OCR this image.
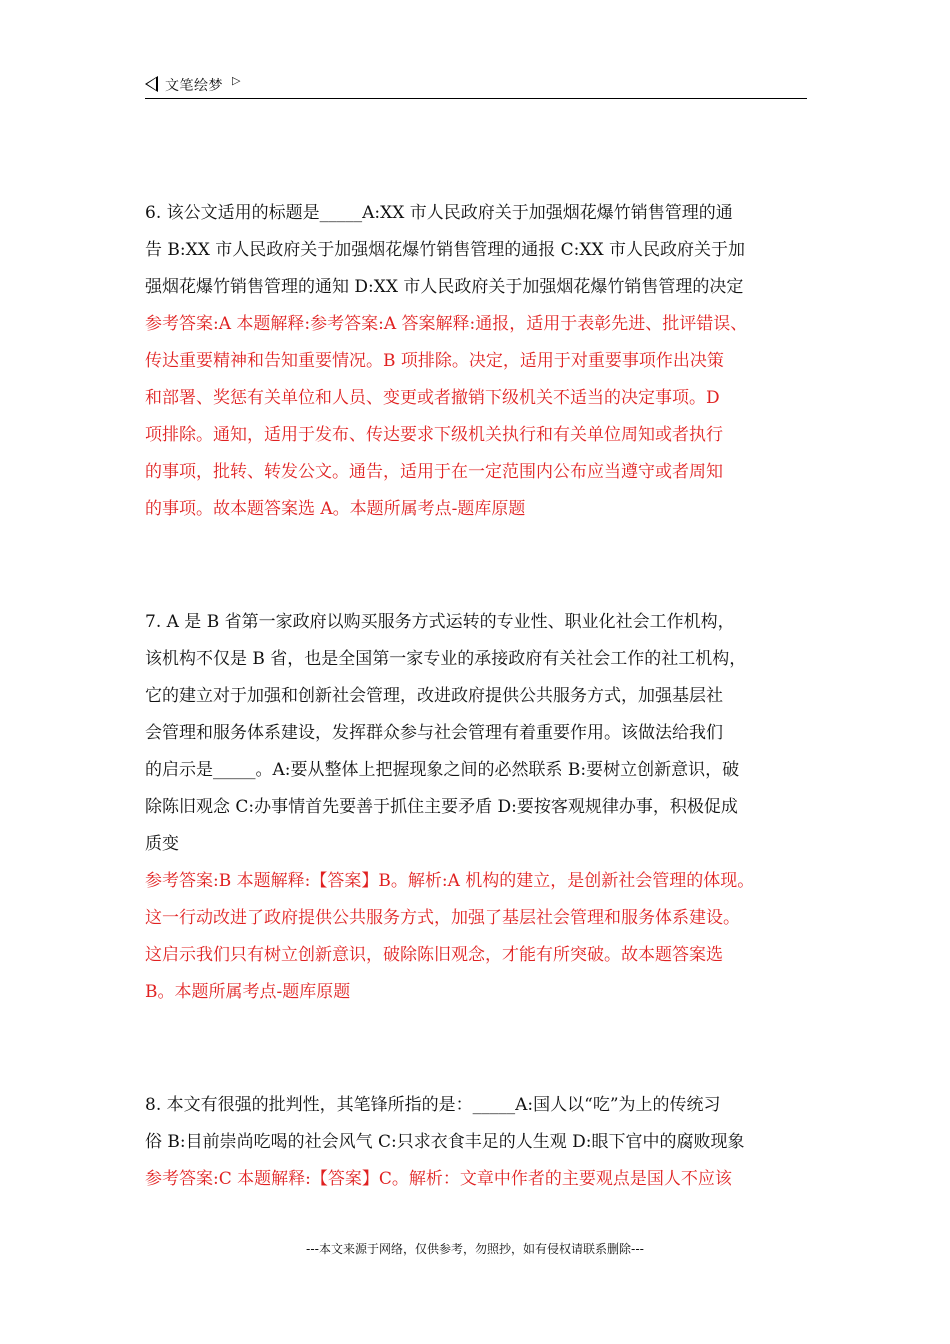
文笔绘梦 ▷

6. 该公文适用的标题是_____A:XX 市人民政府关于加强烟花爆竹销售管理的通
告 B:XX 市人民政府关于加强烟花爆竹销售管理的通报 C:XX 市人民政府关于加
强烟花爆竹销售管理的通知 D:XX 市人民政府关于加强烟花爆竹销售管理的决定

参考答案:A 本题解释:参考答案:A 答案解释:通报，适用于表彰先进、批评错误、
传达重要精神和告知重要情况。B 项排除。决定，适用于对重要事项作出决策
和部署、奖惩有关单位和人员、变更或者撤销下级机关不适当的决定事项。D
项排除。通知，适用于发布、传达要求下级机关执行和有关单位周知或者执行
的事项，批转、转发公文。通告，适用于在一定范围内公布应当遵守或者周知
的事项。故本题答案选 A。本题所属考点-题库原题

7. A 是 B 省第一家政府以购买服务方式运转的专业性、职业化社会工作机构，
该机构不仅是 B 省，也是全国第一家专业的承接政府有关社会工作的社工机构，
它的建立对于加强和创新社会管理，改进政府提供公共服务方式，加强基层社
会管理和服务体系建设，发挥群众参与社会管理有着重要作用。该做法给我们
的启示是_____。A:要从整体上把握现象之间的必然联系 B:要树立创新意识，破
除陈旧观念 C:办事情首先要善于抓住主要矛盾 D:要按客观规律办事，积极促成
质变

参考答案:B 本题解释:【答案】B。解析:A 机构的建立，是创新社会管理的体现。
这一行动改进了政府提供公共服务方式，加强了基层社会管理和服务体系建设。
这启示我们只有树立创新意识，破除陈旧观念，才能有所突破。故本题答案选
B。本题所属考点-题库原题

8. 本文有很强的批判性，其笔锋所指的是：_____A:国人以“吃”为上的传统习
俗 B:目前崇尚吃喝的社会风气 C:只求衣食丰足的人生观 D:眼下官中的腐败现象

参考答案:C 本题解释:【答案】C。解析：文章中作者的主要观点是国人不应该

---本文来源于网络，仅供参考，勿照抄，如有侵权请联系删除---
